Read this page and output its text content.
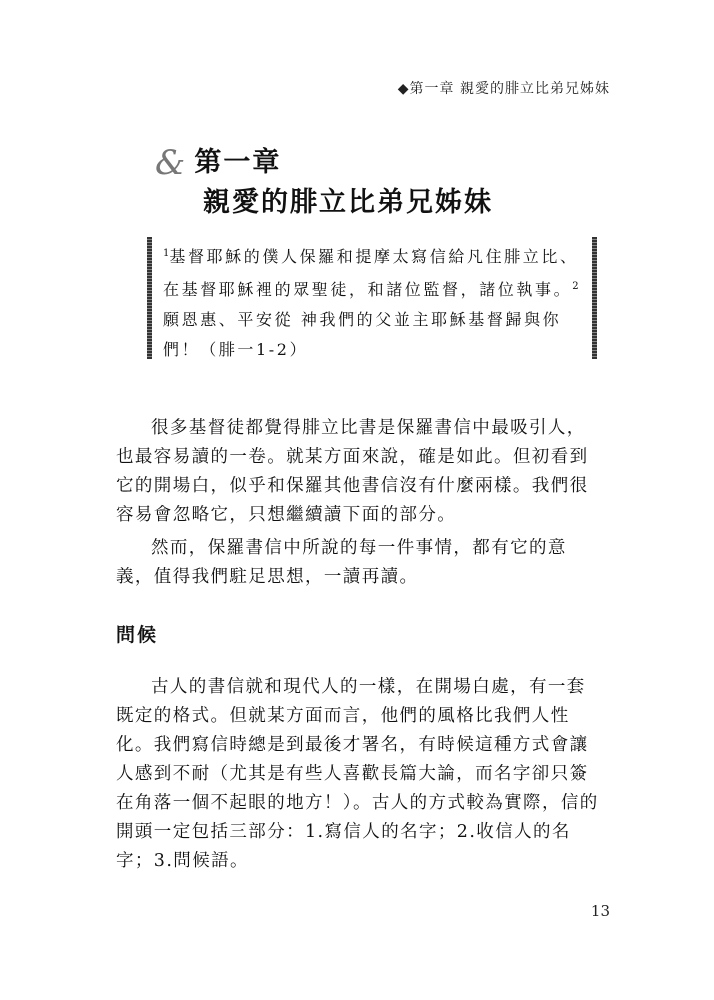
◆第一章 親愛的腓立比弟兄姊妹
& 第一章
親愛的腓立比弟兄姊妹
$^1$基督耶穌的僕人保羅和提摩太寫信給凡住腓立比、在基督耶穌裡的眾聖徒，和諸位監督，諸位執事。$^2$願恩惠、平安從 神我們的父並主耶穌基督歸與你們！（腓一1-2）

很多基督徒都覺得腓立比書是保羅書信中最吸引人，也最容易讀的一卷。就某方面來說，確是如此。但初看到它的開場白，似乎和保羅其他書信沒有什麼兩樣。我們很容易會忽略它，只想繼續讀下面的部分。

然而，保羅書信中所說的每一件事情，都有它的意義，值得我們駐足思想，一讀再讀。

問候

古人的書信就和現代人的一樣，在開場白處，有一套既定的格式。但就某方面而言，他們的風格比我們人性化。我們寫信時總是到最後才署名，有時候這種方式會讓人感到不耐（尤其是有些人喜歡長篇大論，而名字卻只簽在角落一個不起眼的地方！）。古人的方式較為實際，信的開頭一定包括三部分：1.寫信人的名字；2.收信人的名字；3.問候語。

13
